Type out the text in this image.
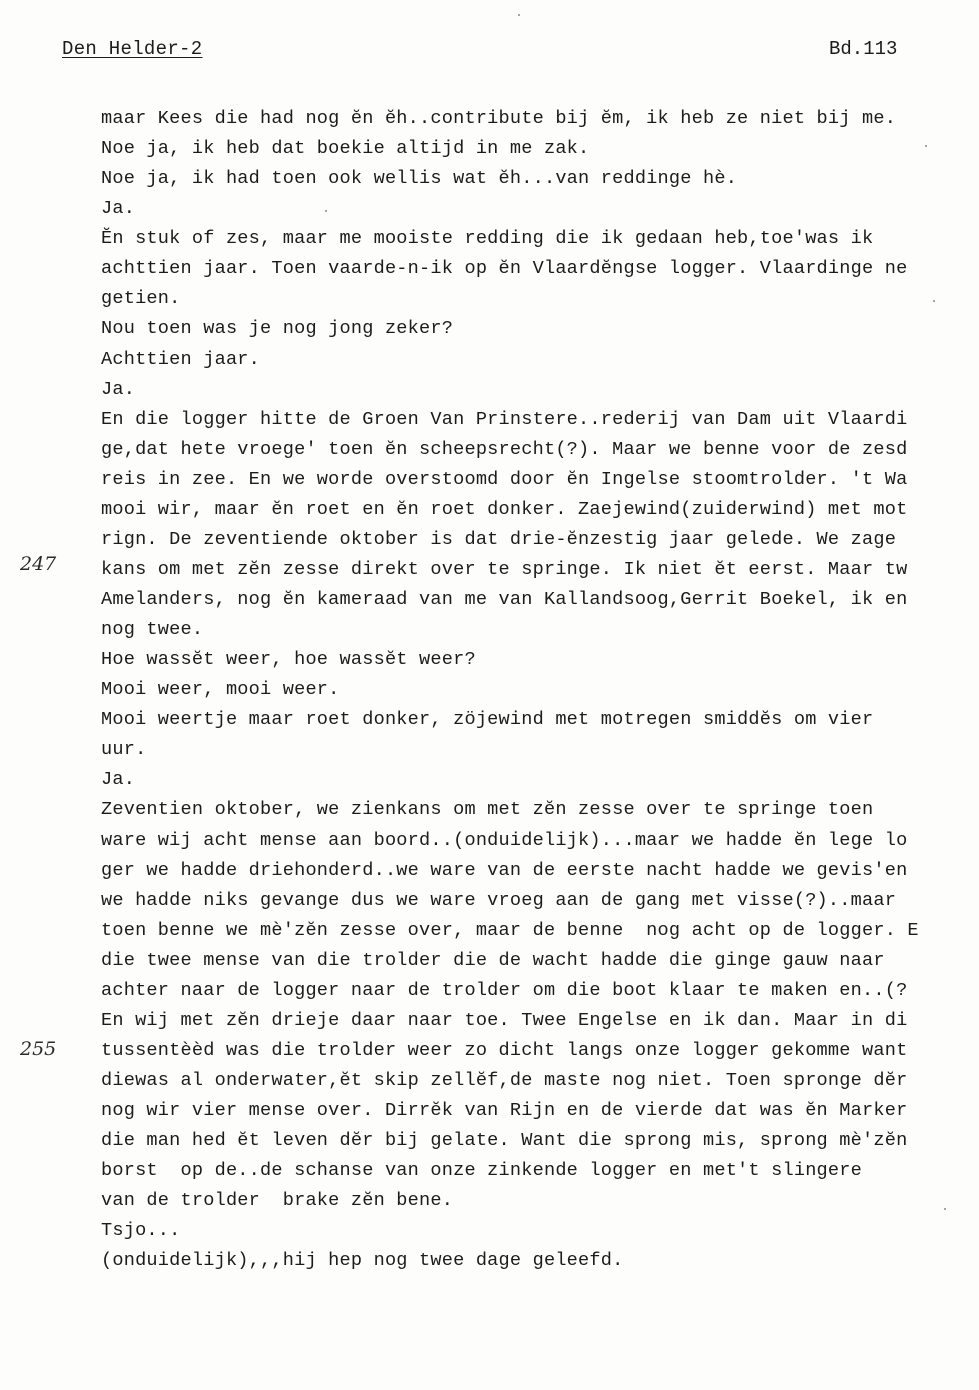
Den Helder-2	Bd.113
247
255
maar Kees die had nog ĕn ĕh..contribute bij ĕm, ik heb ze niet bij me.
Noe ja, ik heb dat boekie altijd in me zak.
Noe ja, ik had toen ook wellis wat ĕh...van reddinge hè.
Ja.
Ĕn stuk of zes, maar me mooiste redding die ik gedaan heb,toe'was ik
achttien jaar. Toen vaarde-n-ik op ĕn Vlaardĕngse logger. Vlaardinge ne
getien.
Nou toen was je nog jong zeker?
Achttien jaar.
Ja.
En die logger hitte de Groen Van Prinstere..rederij van Dam uit Vlaardi
ge,dat hete vroege' toen ĕn scheepsrecht(?). Maar we benne voor de zesd
reis in zee. En we worde overstoomd door ĕn Ingelse stoomtrolder. 't Wa
mooi wir, maar ĕn roet en ĕn roet donker. Zaejewind(zuiderwind) met mot
rign. De zeventiende oktober is dat drie-ĕnzestig jaar gelede. We zage
kans om met zĕn zesse direkt over te springe. Ik niet ĕt eerst. Maar tw
Amelanders, nog ĕn kameraad van me van Kallandsoog,Gerrit Boekel, ik en
nog twee.
Hoe wassĕt weer, hoe wassĕt weer?
Mooi weer, mooi weer.
Mooi weertje maar roet donker, zöjewind met motregen smiddĕs om vier
uur.
Ja.
Zeventien oktober, we zienkans om met zĕn zesse over te springe toen
ware wij acht mense aan boord..(onduidelijk)...maar we hadde ĕn lege lo
ger we hadde driehonderd..we ware van de eerste nacht hadde we gevis'en
we hadde niks gevange dus we ware vroeg aan de gang met visse(?)..maar
toen benne we mè'zĕn zesse over, maar de benne  nog acht op de logger. E
die twee mense van die trolder die de wacht hadde die ginge gauw naar
achter naar de logger naar de trolder om die boot klaar te maken en..(?
En wij met zĕn drieje daar naar toe. Twee Engelse en ik dan. Maar in di
tussentèèd was die trolder weer zo dicht langs onze logger gekomme want
diewas al onderwater,ĕt skip zellĕf,de maste nog niet. Toen spronge dĕr
nog wir vier mense over. Dirrĕk van Rijn en de vierde dat was ĕn Marker
die man hed ĕt leven dĕr bij gelate. Want die sprong mis, sprong mè'zĕn
borst  op de..de schanse van onze zinkende logger en met't slingere
van de trolder  brake zĕn bene.
Tsjo...
(onduidelijk),,,hij hep nog twee dage geleefd.
